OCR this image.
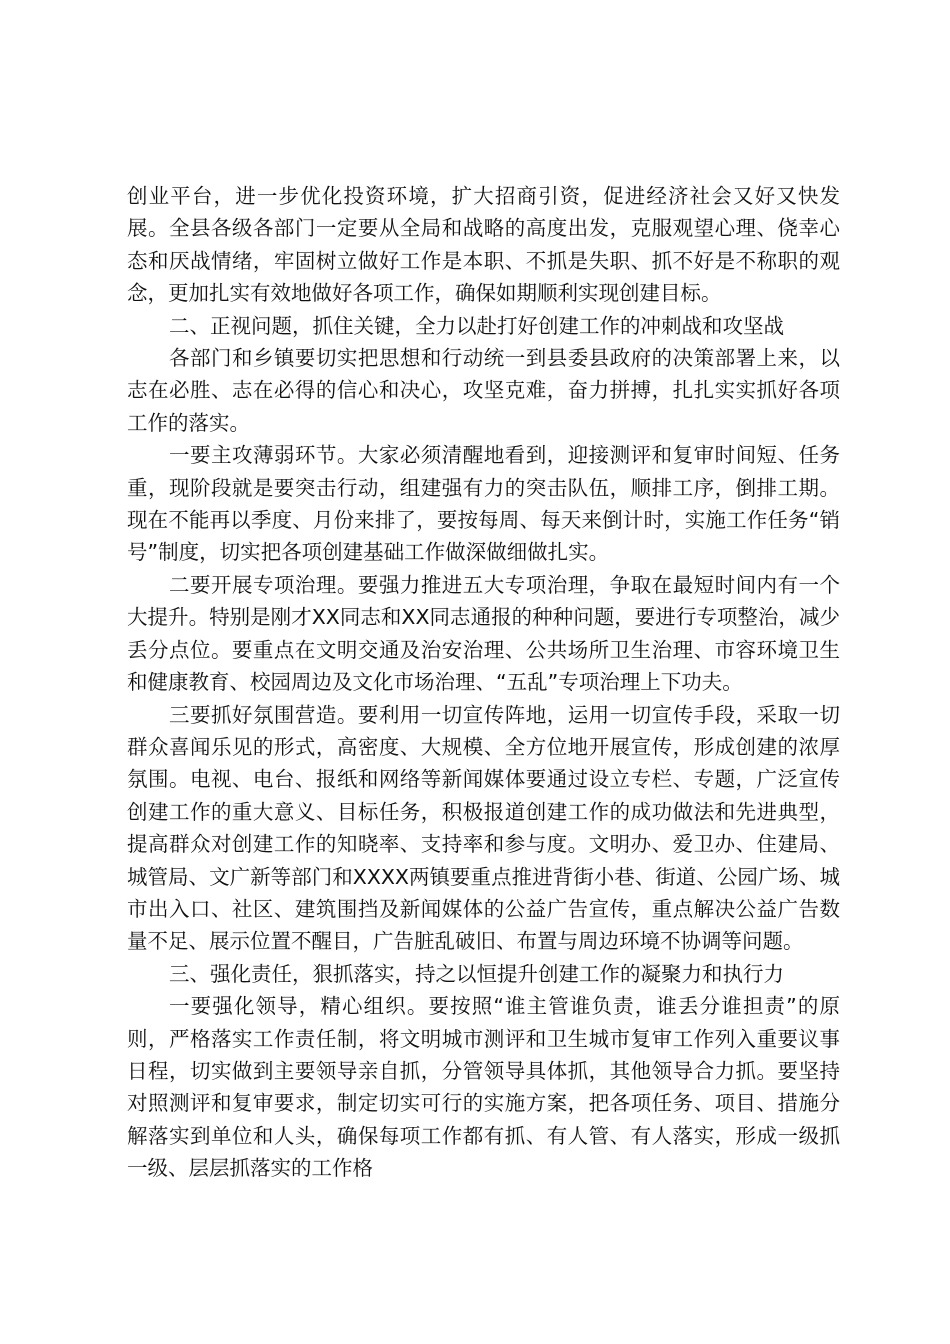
创业平台，进一步优化投资环境，扩大招商引资，促进经济社会又好又快发展。全县各级各部门一定要从全局和战略的高度出发，克服观望心理、侥幸心态和厌战情绪，牢固树立做好工作是本职、不抓是失职、抓不好是不称职的观念，更加扎实有效地做好各项工作，确保如期顺利实现创建目标。

二、正视问题，抓住关键，全力以赴打好创建工作的冲刺战和攻坚战

各部门和乡镇要切实把思想和行动统一到县委县政府的决策部署上来，以志在必胜、志在必得的信心和决心，攻坚克难，奋力拼搏，扎扎实实抓好各项工作的落实。

一要主攻薄弱环节。大家必须清醒地看到，迎接测评和复审时间短、任务重，现阶段就是要突击行动，组建强有力的突击队伍，顺排工序，倒排工期。现在不能再以季度、月份来排了，要按每周、每天来倒计时，实施工作任务“销号”制度，切实把各项创建基础工作做深做细做扎实。

二要开展专项治理。要强力推进五大专项治理，争取在最短时间内有一个大提升。特别是刚才XX同志和XX同志通报的种种问题，要进行专项整治，减少丢分点位。要重点在文明交通及治安治理、公共场所卫生治理、市容环境卫生和健康教育、校园周边及文化市场治理、“五乱”专项治理上下功夫。

三要抓好氛围营造。要利用一切宣传阵地，运用一切宣传手段，采取一切群众喜闻乐见的形式，高密度、大规模、全方位地开展宣传，形成创建的浓厚氛围。电视、电台、报纸和网络等新闻媒体要通过设立专栏、专题，广泛宣传创建工作的重大意义、目标任务，积极报道创建工作的成功做法和先进典型，提高群众对创建工作的知晓率、支持率和参与度。文明办、爱卫办、住建局、城管局、文广新等部门和XXXX两镇要重点推进背街小巷、街道、公园广场、城市出入口、社区、建筑围挡及新闻媒体的公益广告宣传，重点解决公益广告数量不足、展示位置不醒目，广告脏乱破旧、布置与周边环境不协调等问题。

三、强化责任，狠抓落实，持之以恒提升创建工作的凝聚力和执行力

一要强化领导，精心组织。要按照“谁主管谁负责，谁丢分谁担责”的原则，严格落实工作责任制，将文明城市测评和卫生城市复审工作列入重要议事日程，切实做到主要领导亲自抓，分管领导具体抓，其他领导合力抓。要坚持对照测评和复审要求，制定切实可行的实施方案，把各项任务、项目、措施分解落实到单位和人头，确保每项工作都有抓、有人管、有人落实，形成一级抓一级、层层抓落实的工作格
